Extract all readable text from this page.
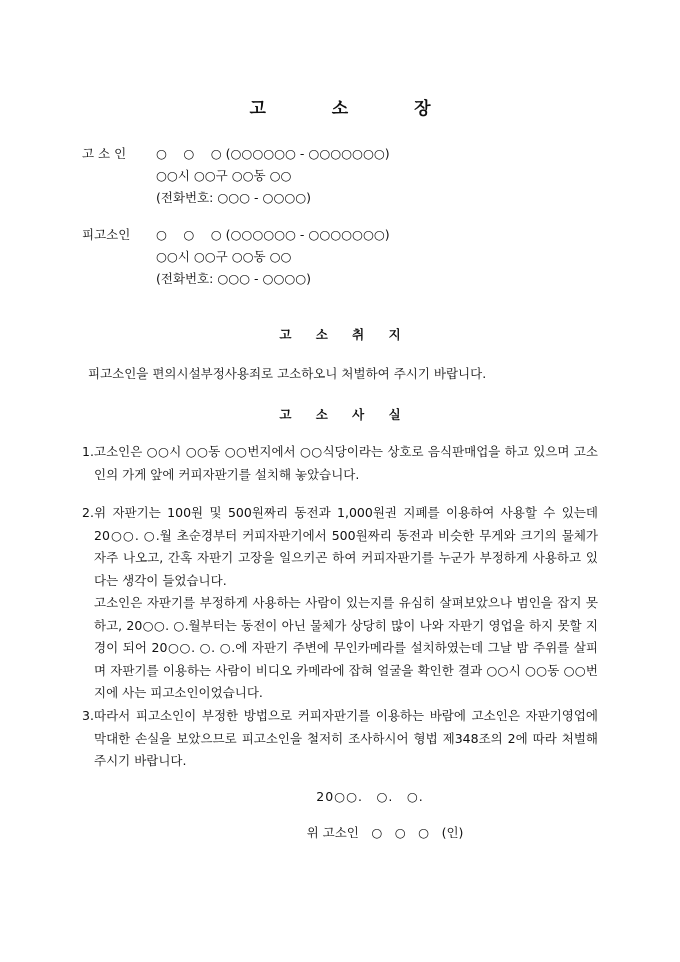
고 소 장
고 소 인	○　 ○　 ○ (○○○○○○ - ○○○○○○○)
○○시 ○○구 ○○동 ○○
(전화번호: ○○○ - ○○○○)
피고소인	○　 ○　 ○ (○○○○○○ - ○○○○○○○)
○○시 ○○구 ○○동 ○○
(전화번호: ○○○ - ○○○○)
고 소 취 지
피고소인을 편의시설부정사용죄로 고소하오니 처벌하여 주시기 바랍니다.
고 소 사 실
1. 고소인은 ○○시 ○○동 ○○번지에서 ○○식당이라는 상호로 음식판매업을 하고 있으며 고소인의 가게 앞에 커피자판기를 설치해 놓았습니다.
2. 위 자판기는 100원 및 500원짜리 동전과 1,000원권 지폐를 이용하여 사용할 수 있는데 20○○. ○.월 초순경부터 커피자판기에서 500원짜리 동전과 비슷한 무게와 크기의 물체가 자주 나오고, 간혹 자판기 고장을 일으키곤 하여 커피자판기를 누군가 부정하게 사용하고 있다는 생각이 들었습니다.
고소인은 자판기를 부정하게 사용하는 사람이 있는지를 유심히 살펴보았으나 범인을 잡지 못하고, 20○○. ○.월부터는 동전이 아닌 물체가 상당히 많이 나와 자판기 영업을 하지 못할 지경이 되어 20○○. ○. ○.에 자판기 주변에 무인카메라를 설치하였는데 그날 밤 주위를 살피며 자판기를 이용하는 사람이 비디오 카메라에 잡혀 얼굴을 확인한 결과 ○○시 ○○동 ○○번지에 사는 피고소인이었습니다.
3. 따라서 피고소인이 부정한 방법으로 커피자판기를 이용하는 바람에 고소인은 자판기영업에 막대한 손실을 보았으므로 피고소인을 철저히 조사하시어 형법 제348조의 2에 따라 처벌해 주시기 바랍니다.
20○○.　○.　○.
위 고소인　○　○　○　(인)
